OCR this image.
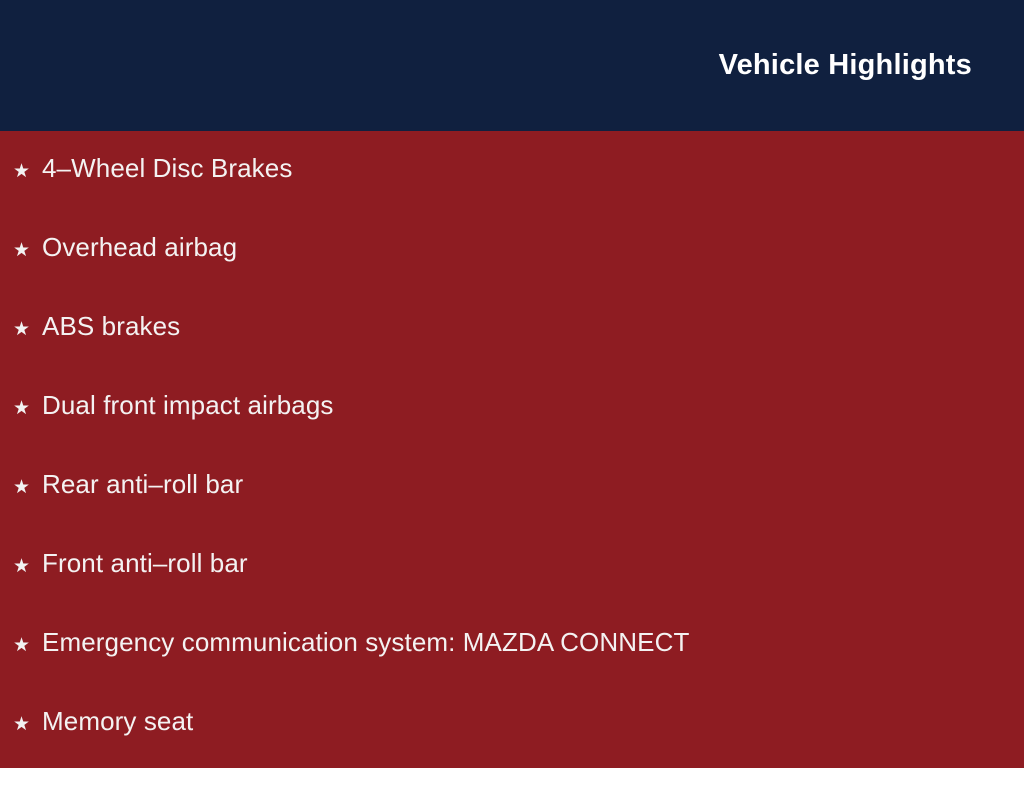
Vehicle Highlights
★ 4–Wheel Disc Brakes
★ Overhead airbag
★ ABS brakes
★ Dual front impact airbags
★ Rear anti–roll bar
★ Front anti–roll bar
★ Emergency communication system: MAZDA CONNECT
★ Memory seat
